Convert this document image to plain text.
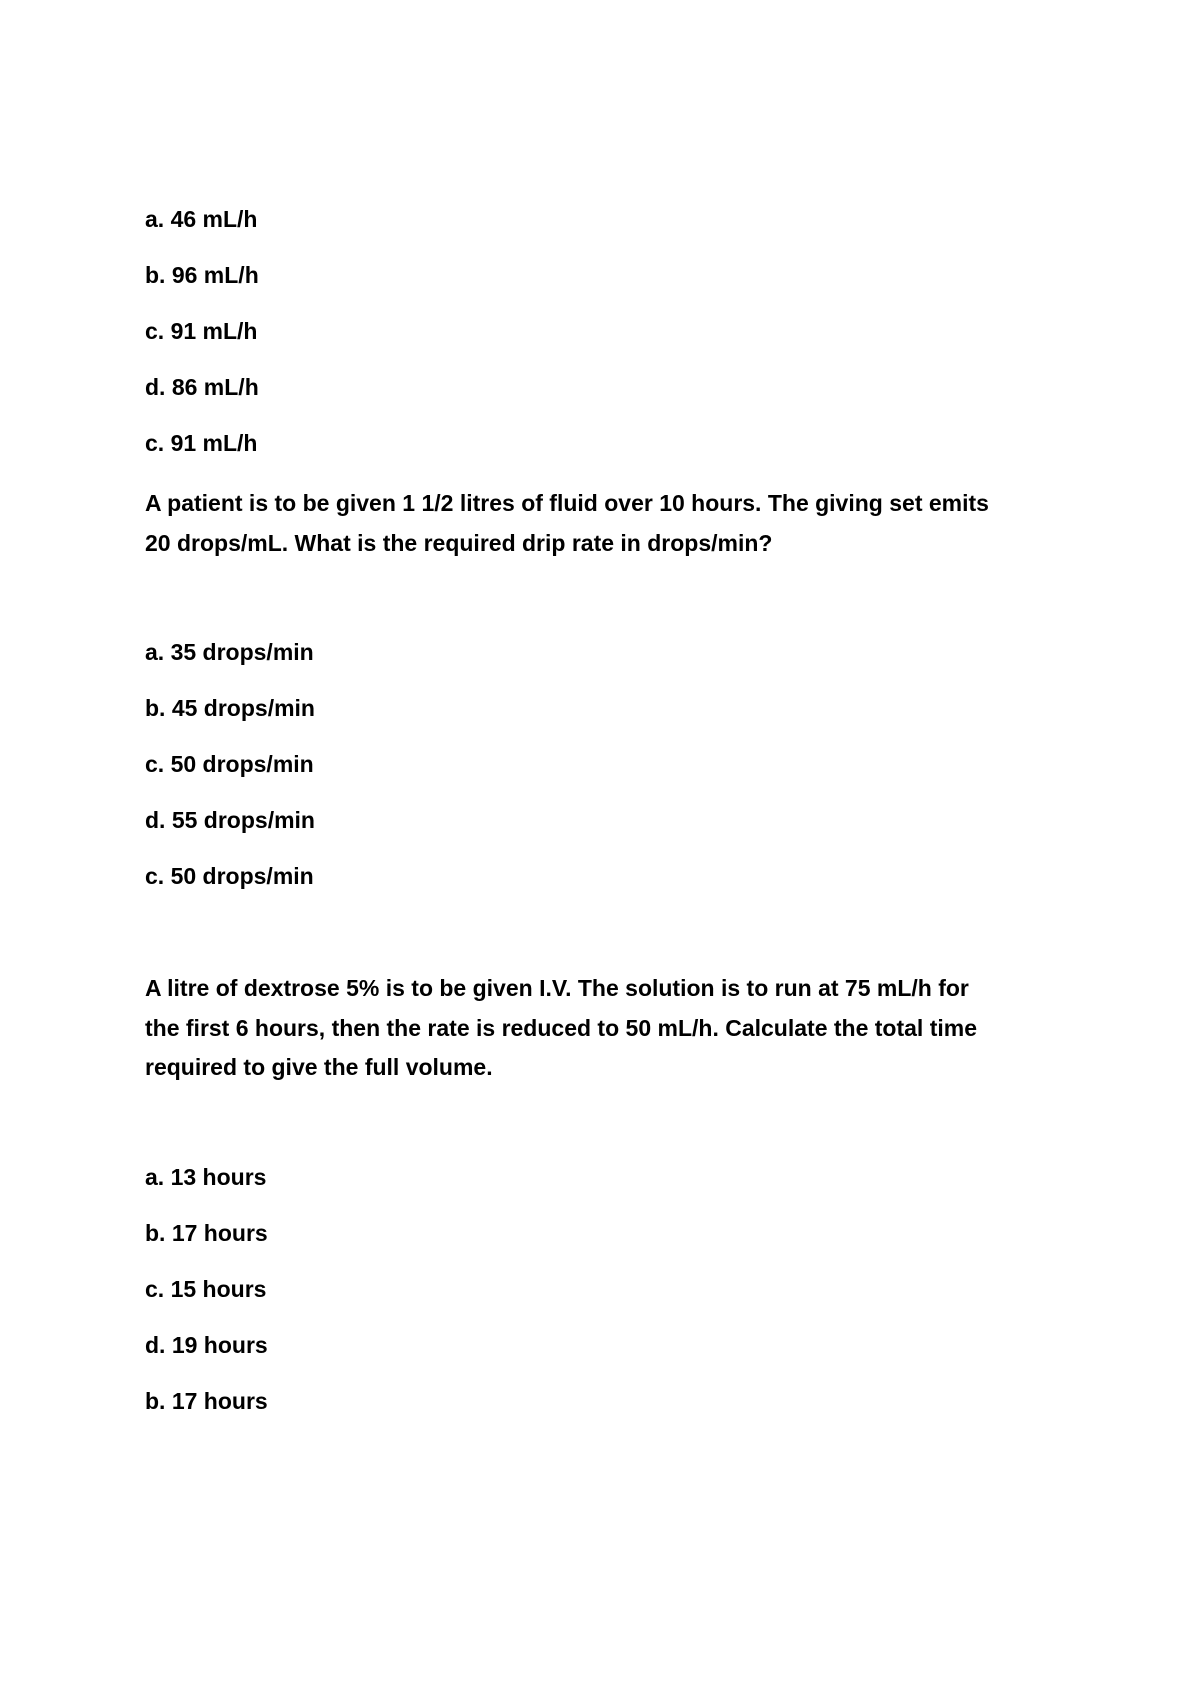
a. 46 mL/h

b. 96 mL/h

c. 91 mL/h

d. 86 mL/h

c. 91 mL/h

A patient is to be given 1 1/2 litres of fluid over 10 hours. The giving set emits
20 drops/mL. What is the required drip rate in drops/min?

a. 35 drops/min

b. 45 drops/min

c. 50 drops/min

d. 55 drops/min

c. 50 drops/min

A litre of dextrose 5% is to be given I.V. The solution is to run at 75 mL/h for
the first 6 hours, then the rate is reduced to 50 mL/h. Calculate the total time
required to give the full volume.

a. 13 hours

b. 17 hours

c. 15 hours

d. 19 hours

b. 17 hours
